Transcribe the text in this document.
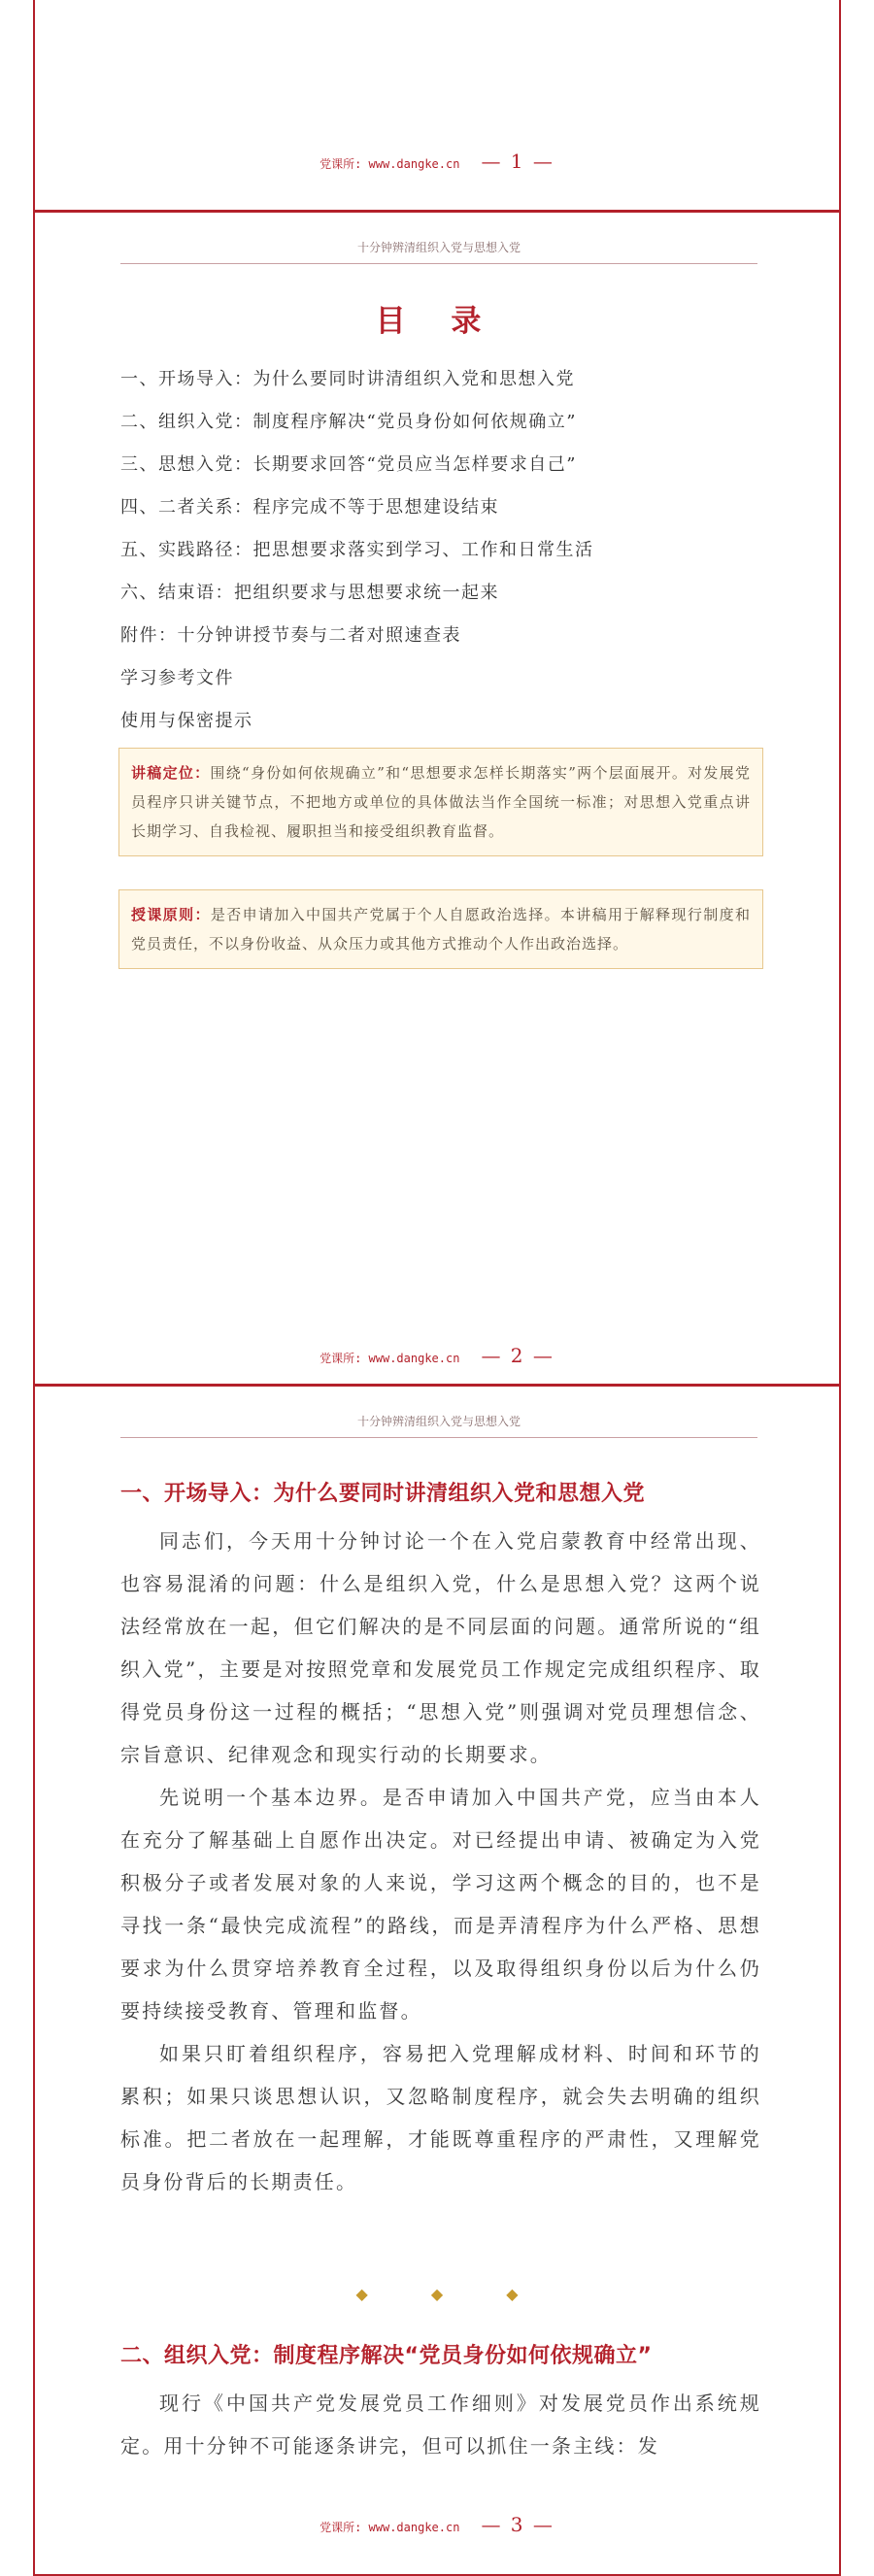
党课所: www.dangke.cn — 1 —
十分钟辨清组织入党与思想入党
目 录
一、开场导入：为什么要同时讲清组织入党和思想入党
二、组织入党：制度程序解决“党员身份如何依规确立”
三、思想入党：长期要求回答“党员应当怎样要求自己”
四、二者关系：程序完成不等于思想建设结束
五、实践路径：把思想要求落实到学习、工作和日常生活
六、结束语：把组织要求与思想要求统一起来
附件：十分钟讲授节奏与二者对照速查表
学习参考文件
使用与保密提示
讲稿定位：围绕“身份如何依规确立”和“思想要求怎样长期落实”两个层面展开。对发展党员程序只讲关键节点，不把地方或单位的具体做法当作全国统一标准；对思想入党重点讲长期学习、自我检视、履职担当和接受组织教育监督。
授课原则：是否申请加入中国共产党属于个人自愿政治选择。本讲稿用于解释现行制度和党员责任，不以身份收益、从众压力或其他方式推动个人作出政治选择。
党课所: www.dangke.cn — 2 —
十分钟辨清组织入党与思想入党
一、开场导入：为什么要同时讲清组织入党和思想入党

同志们，今天用十分钟讨论一个在入党启蒙教育中经常出现、也容易混淆的问题：什么是组织入党，什么是思想入党？这两个说法经常放在一起，但它们解决的是不同层面的问题。通常所说的“组织入党”，主要是对按照党章和发展党员工作规定完成组织程序、取得党员身份这一过程的概括；“思想入党”则强调对党员理想信念、宗旨意识、纪律观念和现实行动的长期要求。

先说明一个基本边界。是否申请加入中国共产党，应当由本人在充分了解基础上自愿作出决定。对已经提出申请、被确定为入党积极分子或者发展对象的人来说，学习这两个概念的目的，也不是寻找一条“最快完成流程”的路线，而是弄清程序为什么严格、思想要求为什么贯穿培养教育全过程，以及取得组织身份以后为什么仍要持续接受教育、管理和监督。

如果只盯着组织程序，容易把入党理解成材料、时间和环节的累积；如果只谈思想认识，又忽略制度程序，就会失去明确的组织标准。把二者放在一起理解，才能既尊重程序的严肃性，又理解党员身份背后的长期责任。

◆ ◆ ◆
二、组织入党：制度程序解决“党员身份如何依规确立”

现行《中国共产党发展党员工作细则》对发展党员作出系统规定。用十分钟不可能逐条讲完，但可以抓住一条主线：发

党课所: www.dangke.cn — 3 —
